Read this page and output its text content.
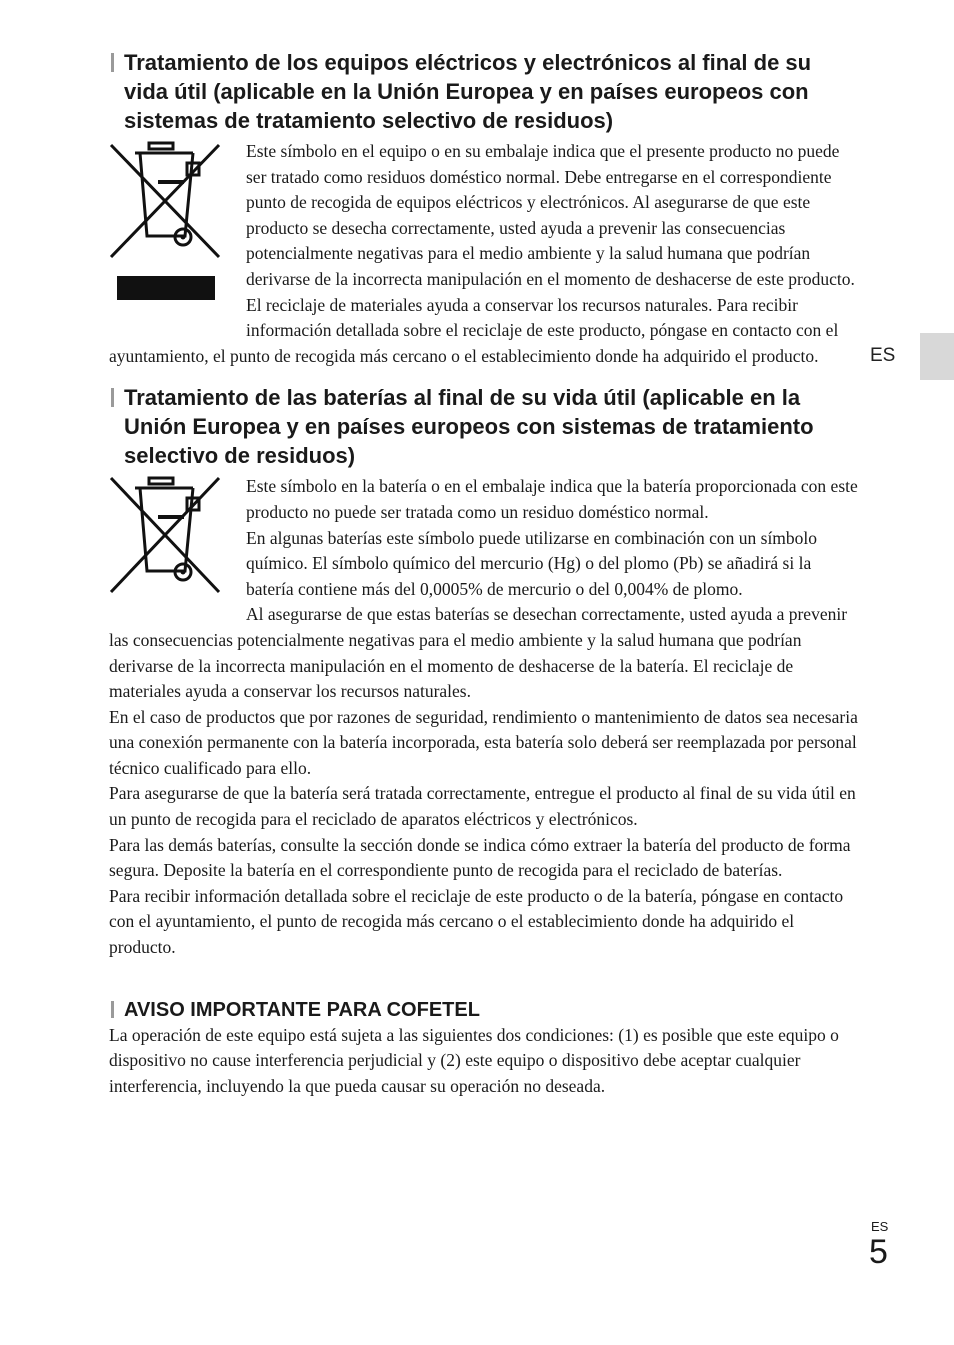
ES
Tratamiento de los equipos eléctricos y electrónicos al final de su vida útil (aplicable en la Unión Europea y en países europeos con sistemas de tratamiento selectivo de residuos)

Este símbolo en el equipo o en su embalaje indica que el presente producto no puede ser tratado como residuos doméstico normal. Debe entregarse en el correspondiente punto de recogida de equipos eléctricos y electrónicos. Al asegurarse de que este producto se desecha correctamente, usted ayuda a prevenir las consecuencias potencialmente negativas para el medio ambiente y la salud humana que podrían derivarse de la incorrecta manipulación en el momento de deshacerse de este producto. El reciclaje de materiales ayuda a conservar los recursos naturales. Para recibir información detallada sobre el reciclaje de este producto, póngase en contacto con el ayuntamiento, el punto de recogida más cercano o el establecimiento donde ha adquirido el producto.

Tratamiento de las baterías al final de su vida útil (aplicable en la Unión Europea y en países europeos con sistemas de tratamiento selectivo de residuos)

Este símbolo en la batería o en el embalaje indica que la batería proporcionada con este producto no puede ser tratada como un residuo doméstico normal.

En algunas baterías este símbolo puede utilizarse en combinación con un símbolo químico. El símbolo químico del mercurio (Hg) o del plomo (Pb) se añadirá si la batería contiene más del 0,0005% de mercurio o del 0,004% de plomo.

Al asegurarse de que estas baterías se desechan correctamente, usted ayuda a prevenir las consecuencias potencialmente negativas para el medio ambiente y la salud humana que podrían derivarse de la incorrecta manipulación en el momento de deshacerse de la batería. El reciclaje de materiales ayuda a conservar los recursos naturales.

En el caso de productos que por razones de seguridad, rendimiento o mantenimiento de datos sea necesaria una conexión permanente con la batería incorporada, esta batería solo deberá ser reemplazada por personal técnico cualificado para ello.

Para asegurarse de que la batería será tratada correctamente, entregue el producto al final de su vida útil en un punto de recogida para el reciclado de aparatos eléctricos y electrónicos.

Para las demás baterías, consulte la sección donde se indica cómo extraer la batería del producto de forma segura. Deposite la batería en el correspondiente punto de recogida para el reciclado de baterías.

Para recibir información detallada sobre el reciclaje de este producto o de la batería, póngase en contacto con el ayuntamiento, el punto de recogida más cercano o el establecimiento donde ha adquirido el producto.

AVISO IMPORTANTE PARA COFETEL

La operación de este equipo está sujeta a las siguientes dos condiciones: (1) es posible que este equipo o dispositivo no cause interferencia perjudicial y (2) este equipo o dispositivo debe aceptar cualquier interferencia, incluyendo la que pueda causar su operación no deseada.

ES
5
